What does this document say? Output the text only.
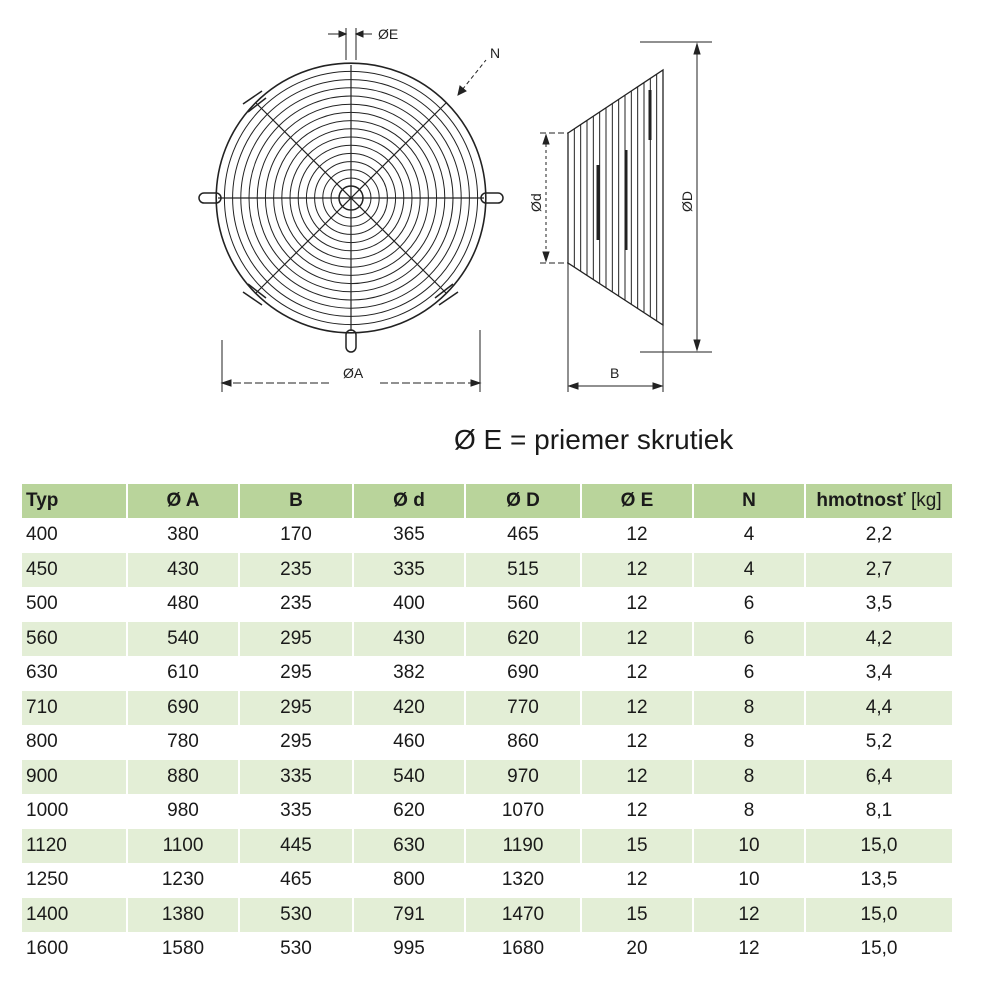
ØE
N
ØA
Ød	ØD
B
Ø E = priemer skrutiek
Typ	Ø A	B	Ø d	Ø D	Ø E	N	hmotnosť [kg]
400	380	170	365	465	12	4	2,2
450	430	235	335	515	12	4	2,7
500	480	235	400	560	12	6	3,5
560	540	295	430	620	12	6	4,2
630	610	295	382	690	12	6	3,4
710	690	295	420	770	12	8	4,4
800	780	295	460	860	12	8	5,2
900	880	335	540	970	12	8	6,4
1000	980	335	620	1070	12	8	8,1
1120	1100	445	630	1190	15	10	15,0
1250	1230	465	800	1320	12	10	13,5
1400	1380	530	791	1470	15	12	15,0
1600	1580	530	995	1680	20	12	15,0
